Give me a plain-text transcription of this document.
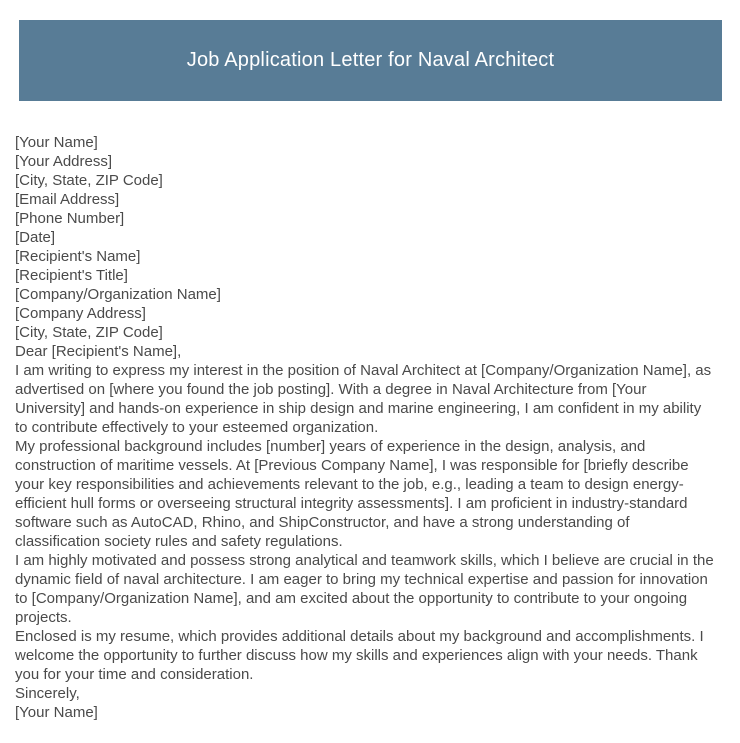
Job Application Letter for Naval Architect

[Your Name]

[Your Address]

[City, State, ZIP Code]

[Email Address]

[Phone Number]

[Date]

[Recipient's Name]

[Recipient's Title]

[Company/Organization Name]

[Company Address]

[City, State, ZIP Code]

Dear [Recipient's Name],

I am writing to express my interest in the position of Naval Architect at [Company/Organization Name], as advertised on [where you found the job posting]. With a degree in Naval Architecture from [Your University] and hands-on experience in ship design and marine engineering, I am confident in my ability to contribute effectively to your esteemed organization.

My professional background includes [number] years of experience in the design, analysis, and construction of maritime vessels. At [Previous Company Name], I was responsible for [briefly describe your key responsibilities and achievements relevant to the job, e.g., leading a team to design energy-efficient hull forms or overseeing structural integrity assessments]. I am proficient in industry-standard software such as AutoCAD, Rhino, and ShipConstructor, and have a strong understanding of classification society rules and safety regulations.

I am highly motivated and possess strong analytical and teamwork skills, which I believe are crucial in the dynamic field of naval architecture. I am eager to bring my technical expertise and passion for innovation to [Company/Organization Name], and am excited about the opportunity to contribute to your ongoing projects.

Enclosed is my resume, which provides additional details about my background and accomplishments. I welcome the opportunity to further discuss how my skills and experiences align with your needs. Thank you for your time and consideration.

Sincerely,

[Your Name]
